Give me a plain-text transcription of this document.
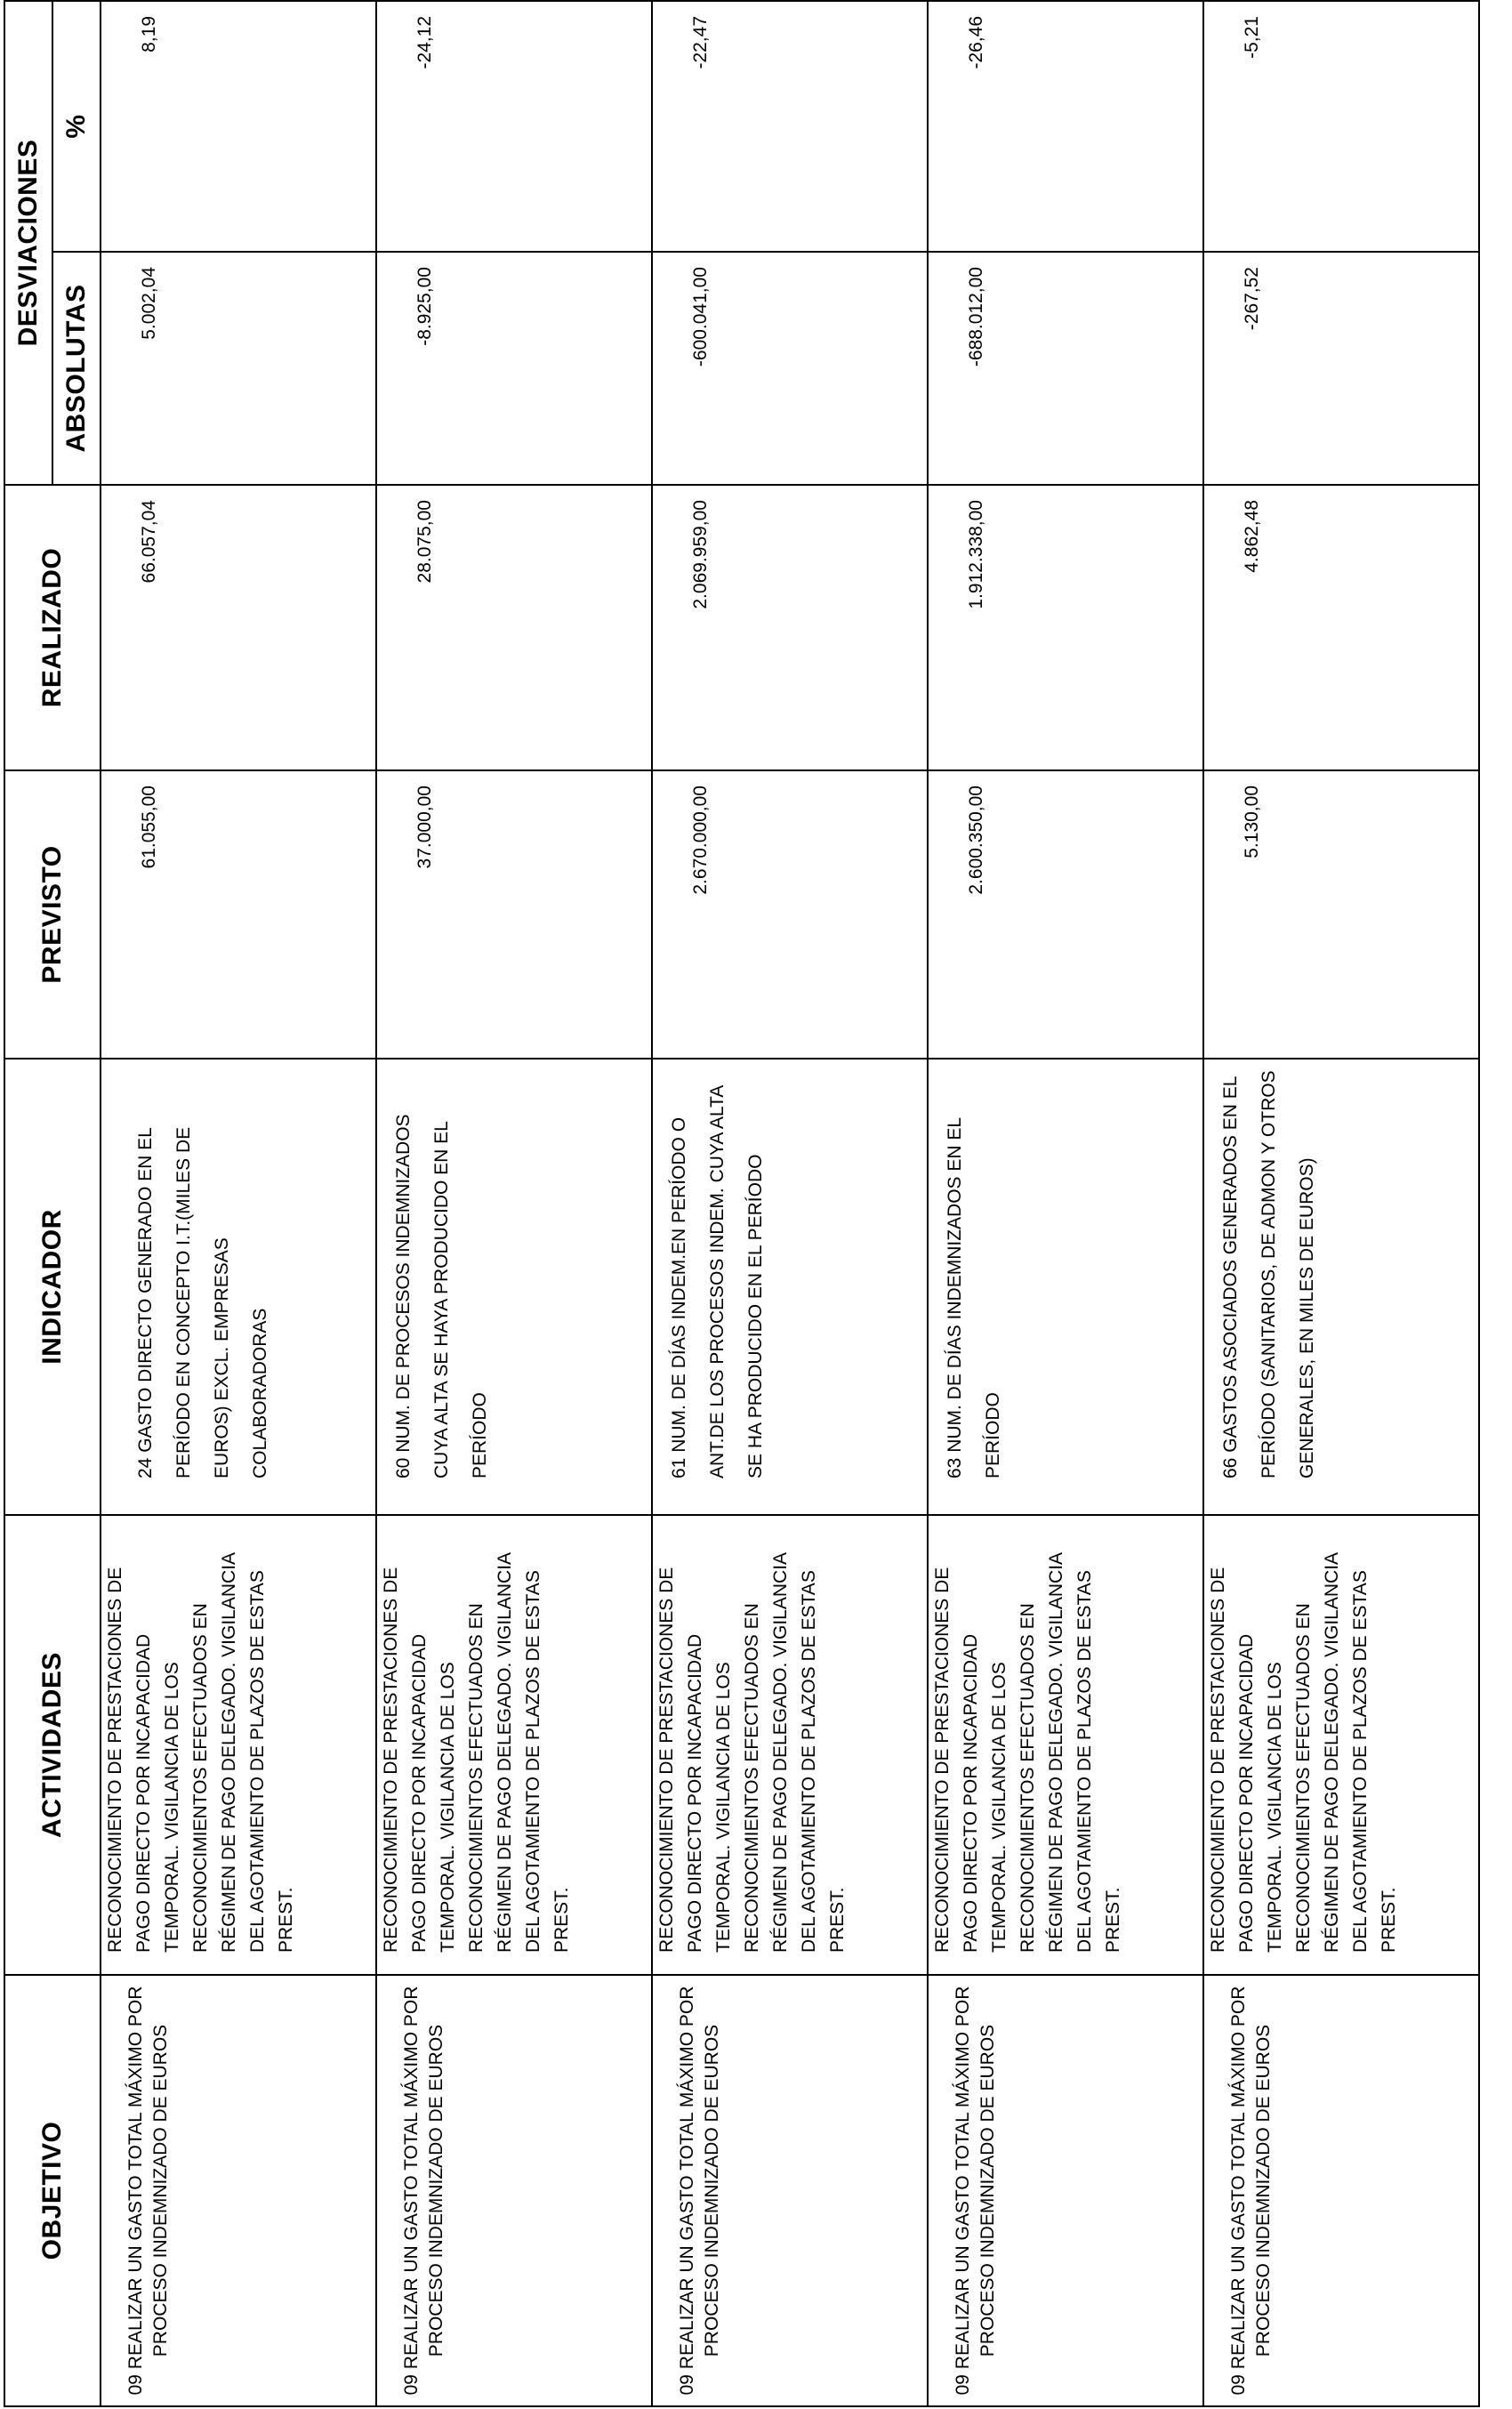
OBJETIVO	ACTIVIDADES	INDICADOR	PREVISTO	REALIZADO	DESVIACIONES	
					ABSOLUTAS	%
09 REALIZAR UN GASTO TOTAL MÁXIMO POR PROCESO INDEMNIZADO DE EUROS	RECONOCIMIENTO DE PRESTACIONES DE PAGO DIRECTO POR INCAPACIDAD TEMPORAL. VIGILANCIA DE LOS RECONOCIMIENTOS EFECTUADOS EN RÉGIMEN DE PAGO DELEGADO. VIGILANCIA DEL AGOTAMIENTO DE PLAZOS DE ESTAS PREST.	24 GASTO DIRECTO GENERADO EN EL PERÍODO EN CONCEPTO I.T.(MILES DE EUROS) EXCL. EMPRESAS COLABORADORAS	61.055,00	66.057,04	5.002,04	8,19
09 REALIZAR UN GASTO TOTAL MÁXIMO POR PROCESO INDEMNIZADO DE EUROS	RECONOCIMIENTO DE PRESTACIONES DE PAGO DIRECTO POR INCAPACIDAD TEMPORAL. VIGILANCIA DE LOS RECONOCIMIENTOS EFECTUADOS EN RÉGIMEN DE PAGO DELEGADO. VIGILANCIA DEL AGOTAMIENTO DE PLAZOS DE ESTAS PREST.	60 NUM. DE PROCESOS INDEMNIZADOS CUYA ALTA SE HAYA PRODUCIDO EN EL PERÍODO	37.000,00	28.075,00	-8.925,00	-24,12
09 REALIZAR UN GASTO TOTAL MÁXIMO POR PROCESO INDEMNIZADO DE EUROS	RECONOCIMIENTO DE PRESTACIONES DE PAGO DIRECTO POR INCAPACIDAD TEMPORAL. VIGILANCIA DE LOS RECONOCIMIENTOS EFECTUADOS EN RÉGIMEN DE PAGO DELEGADO. VIGILANCIA DEL AGOTAMIENTO DE PLAZOS DE ESTAS PREST.	61 NUM. DE DÍAS INDEM.EN PERÍODO O ANT.DE LOS PROCESOS INDEM. CUYA ALTA SE HA PRODUCIDO EN EL PERÍODO	2.670.000,00	2.069.959,00	-600.041,00	-22,47
09 REALIZAR UN GASTO TOTAL MÁXIMO POR PROCESO INDEMNIZADO DE EUROS	RECONOCIMIENTO DE PRESTACIONES DE PAGO DIRECTO POR INCAPACIDAD TEMPORAL. VIGILANCIA DE LOS RECONOCIMIENTOS EFECTUADOS EN RÉGIMEN DE PAGO DELEGADO. VIGILANCIA DEL AGOTAMIENTO DE PLAZOS DE ESTAS PREST.	63 NUM. DE DÍAS INDEMNIZADOS EN EL PERÍODO	2.600.350,00	1.912.338,00	-688.012,00	-26,46
09 REALIZAR UN GASTO TOTAL MÁXIMO POR PROCESO INDEMNIZADO DE EUROS	RECONOCIMIENTO DE PRESTACIONES DE PAGO DIRECTO POR INCAPACIDAD TEMPORAL. VIGILANCIA DE LOS RECONOCIMIENTOS EFECTUADOS EN RÉGIMEN DE PAGO DELEGADO. VIGILANCIA DEL AGOTAMIENTO DE PLAZOS DE ESTAS PREST.	66 GASTOS ASOCIADOS GENERADOS EN EL PERÍODO (SANITARIOS, DE ADMON Y OTROS GENERALES, EN MILES DE EUROS)	5.130,00	4.862,48	-267,52	-5,21
